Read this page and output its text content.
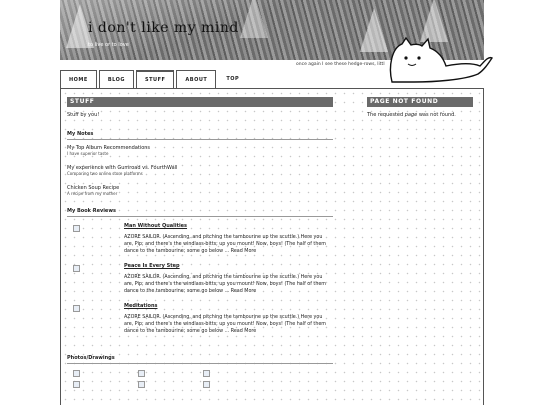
i don't like my mind
to live or to love
once again I see these hedge-rows, littl
HOME	BLOG	STUFF	ABOUT	TOP
STUFF
Stuff by you!
My Notes
My Top Album Recommendations
I have superior taste
My experience with Gumroad vs. FourthWall
Comparing two online store platforms
Chicken Soup Recipe
A recipe from my mother
My Book Reviews
Man Without Qualities
AZORE SAILOR. (Ascending, and pitching the tambourine up the scuttle.) Here you are, Pip; and there's the windlass-bitts; up you mount! Now, boys! (The half of them dance to the tambourine; some go below ... Read More
Peace Is Every Step
AZORE SAILOR. (Ascending, and pitching the tambourine up the scuttle.) Here you are, Pip; and there's the windlass-bitts; up you mount! Now, boys! (The half of them dance to the tambourine; some go below ... Read More
Meditations
AZORE SAILOR. (Ascending, and pitching the tambourine up the scuttle.) Here you are, Pip; and there's the windlass-bitts; up you mount! Now, boys! (The half of them dance to the tambourine; some go below ... Read More
Photos/Drawings
PAGE NOT FOUND
The requested page was not found.
